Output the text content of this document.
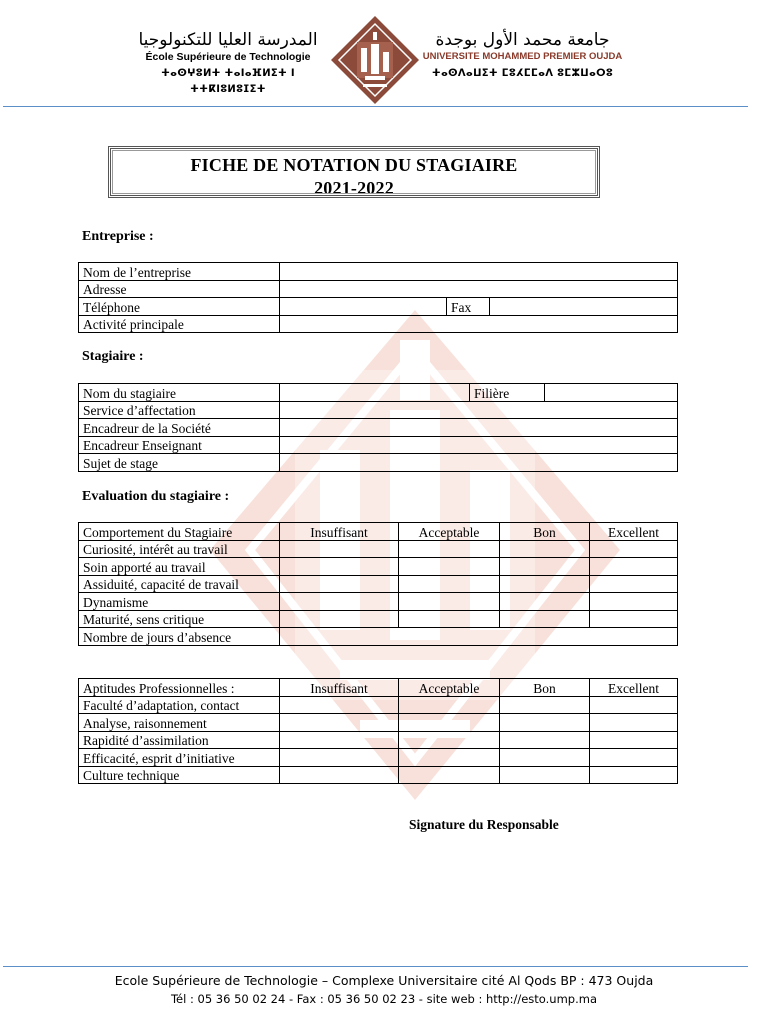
المدرسة العليا للتكنولوجيا
École Supérieure de Technologie
ⵜⴰⵙⵖⵓⵍⵜ ⵜⴰⵏⴰⴼⵍⵉⵜ ⵏ ⵜⵜⴽⵏⵓⵍⵓⵊⵉⵜ
جامعة محمد الأول بوجدة
UNIVERSITE MOHAMMED PREMIER OUJDA
ⵜⴰⵙⴷⴰⵡⵉⵜ ⵎⵓⵃⵎⵎⴰⴷ ⵓⵎⵣⵡⴰⵔⵓ
FICHE DE NOTATION DU STAGIAIRE
2021-2022
Entreprise :
Nom de l’entreprise			
Adresse			
Téléphone		Fax	
Activité principale			
Stagiaire :
Nom du stagiaire		Filière	
Service d’affectation			
Encadreur de la Société			
Encadreur Enseignant			
Sujet de stage			
Evaluation du stagiaire :
Comportement du Stagiaire	Insuffisant	Acceptable	Bon	Excellent
Curiosité, intérêt au travail				
Soin apporté au travail				
Assiduité, capacité de travail				
Dynamisme				
Maturité, sens critique				
Nombre de jours d’absence				
Aptitudes Professionnelles :	Insuffisant	Acceptable	Bon	Excellent
Faculté d’adaptation, contact				
Analyse, raisonnement				
Rapidité d’assimilation				
Efficacité, esprit d’initiative				
Culture technique				
Signature du Responsable
Ecole Supérieure de Technologie – Complexe Universitaire cité Al Qods BP : 473 Oujda
Tél : 05 36 50 02 24 - Fax : 05 36 50 02 23 - site web : http://esto.ump.ma
